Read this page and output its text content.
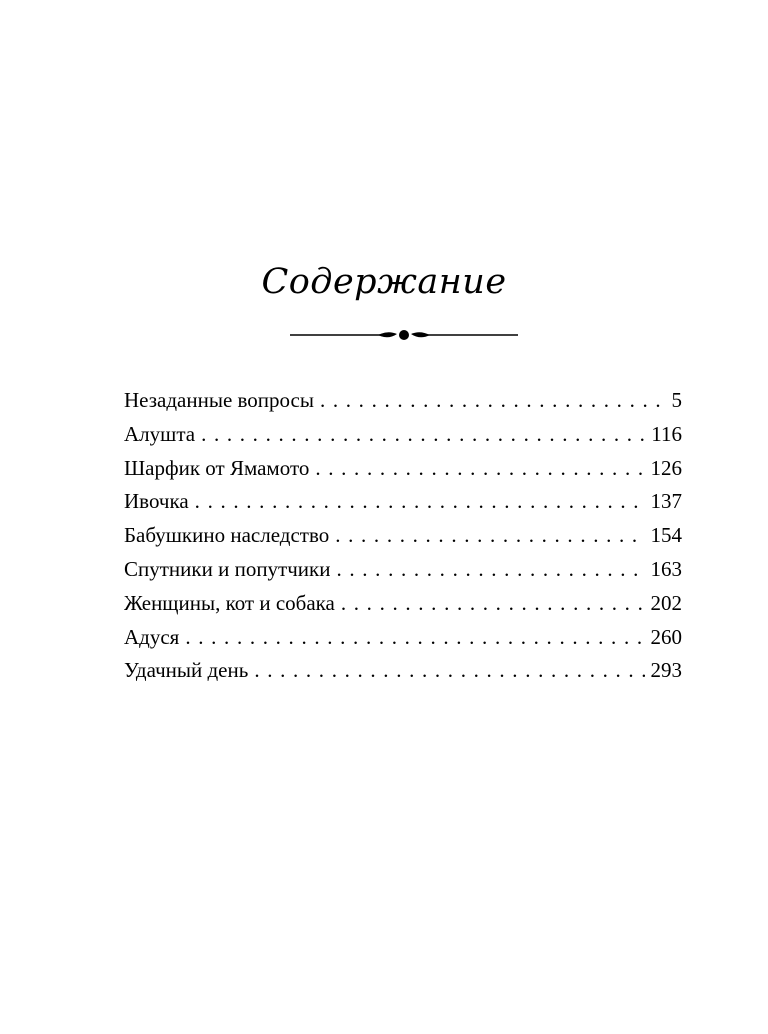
Содержание
Незаданные вопросы . . .	5
Алушта . . .	116
Шарфик от Ямамото . . .	126
Ивочка . . .	137
Бабушкино наследство . . .	154
Спутники и попутчики . . .	163
Женщины, кот и собака . . .	202
Адуся . . .	260
Удачный день . . .	293
